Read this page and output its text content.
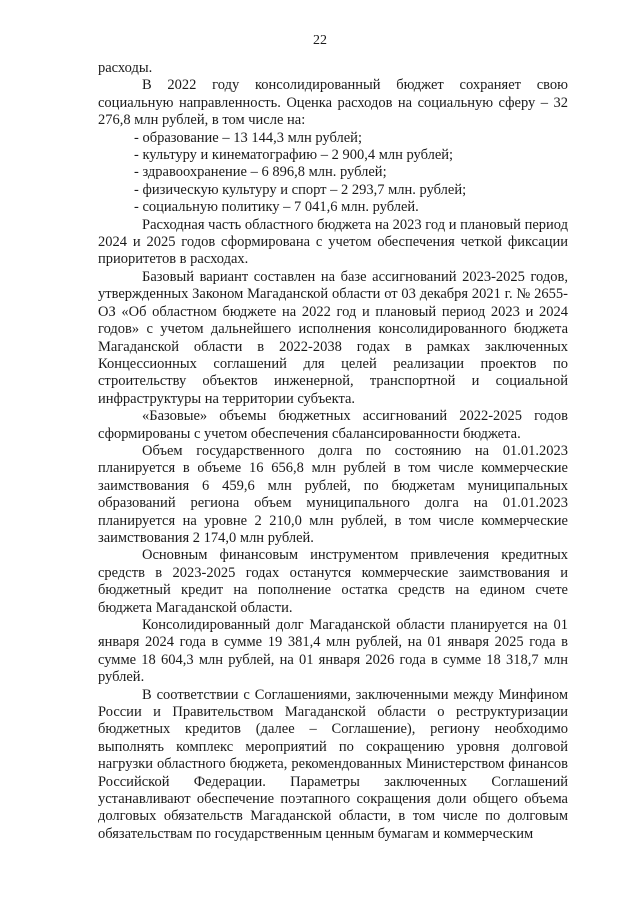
22

расходы.

В 2022 году консолидированный бюджет сохраняет свою социальную направленность. Оценка расходов на социальную сферу – 32 276,8 млн рублей, в том числе на:

- образование – 13 144,3 млн рублей;
- культуру и кинематографию – 2 900,4 млн рублей;
- здравоохранение – 6 896,8 млн. рублей;
- физическую культуру и спорт – 2 293,7 млн. рублей;
- социальную политику – 7 041,6 млн. рублей.

Расходная часть областного бюджета на 2023 год и плановый период 2024 и 2025 годов сформирована с учетом обеспечения четкой фиксации приоритетов в расходах.

Базовый вариант составлен на базе ассигнований 2023-2025 годов, утвержденных Законом Магаданской области от 03 декабря 2021 г. № 2655-ОЗ «Об областном бюджете на 2022 год и плановый период 2023 и 2024 годов» с учетом дальнейшего исполнения консолидированного бюджета Магаданской области в 2022-2038 годах в рамках заключенных Концессионных соглашений для целей реализации проектов по строительству объектов инженерной, транспортной и социальной инфраструктуры на территории субъекта.

«Базовые» объемы бюджетных ассигнований 2022-2025 годов сформированы с учетом обеспечения сбалансированности бюджета.

Объем государственного долга по состоянию на 01.01.2023 планируется в объеме 16 656,8 млн рублей в том числе коммерческие заимствования 6 459,6 млн рублей, по бюджетам муниципальных образований региона объем муниципального долга на 01.01.2023 планируется на уровне 2 210,0 млн рублей, в том числе коммерческие заимствования 2 174,0 млн рублей.

Основным финансовым инструментом привлечения кредитных средств в 2023-2025 годах останутся коммерческие заимствования и бюджетный кредит на пополнение остатка средств на едином счете бюджета Магаданской области.

Консолидированный долг Магаданской области планируется на 01 января 2024 года в сумме 19 381,4 млн рублей, на 01 января 2025 года в сумме 18 604,3 млн рублей, на 01 января 2026 года в сумме 18 318,7 млн рублей.

В соответствии с Соглашениями, заключенными между Минфином России и Правительством Магаданской области о реструктуризации бюджетных кредитов (далее – Соглашение), региону необходимо выполнять комплекс мероприятий по сокращению уровня долговой нагрузки областного бюджета, рекомендованных Министерством финансов Российской Федерации. Параметры заключенных Соглашений устанавливают обеспечение поэтапного сокращения доли общего объема долговых обязательств Магаданской области, в том числе по долговым обязательствам по государственным ценным бумагам и коммерческим
